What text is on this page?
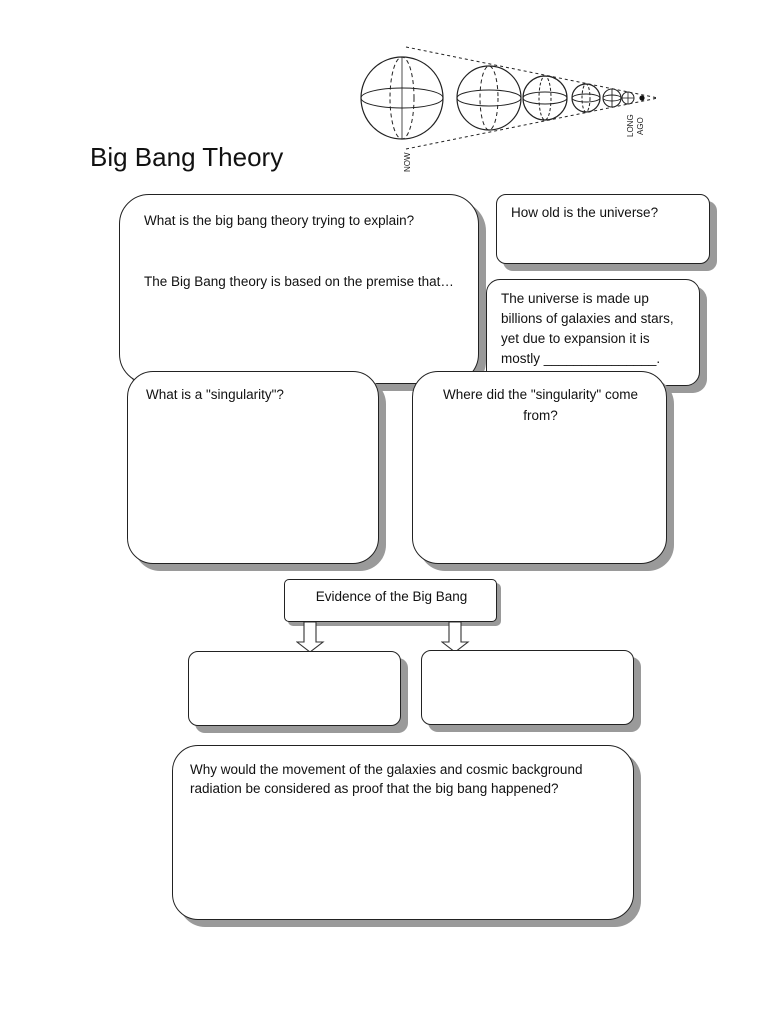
Big Bang Theory	NOW
LONG AGO
What is the big bang theory trying to explain?
The Big Bang theory is based on the premise that…
How old is the universe?
The universe is made up
billions of galaxies and stars,
yet due to expansion it is
mostly _______________.
What is a "singularity"?	Where did the "singularity" come
from?
Evidence of the Big Bang
Why would the movement of the galaxies and cosmic background
radiation be considered as proof that the big bang happened?
